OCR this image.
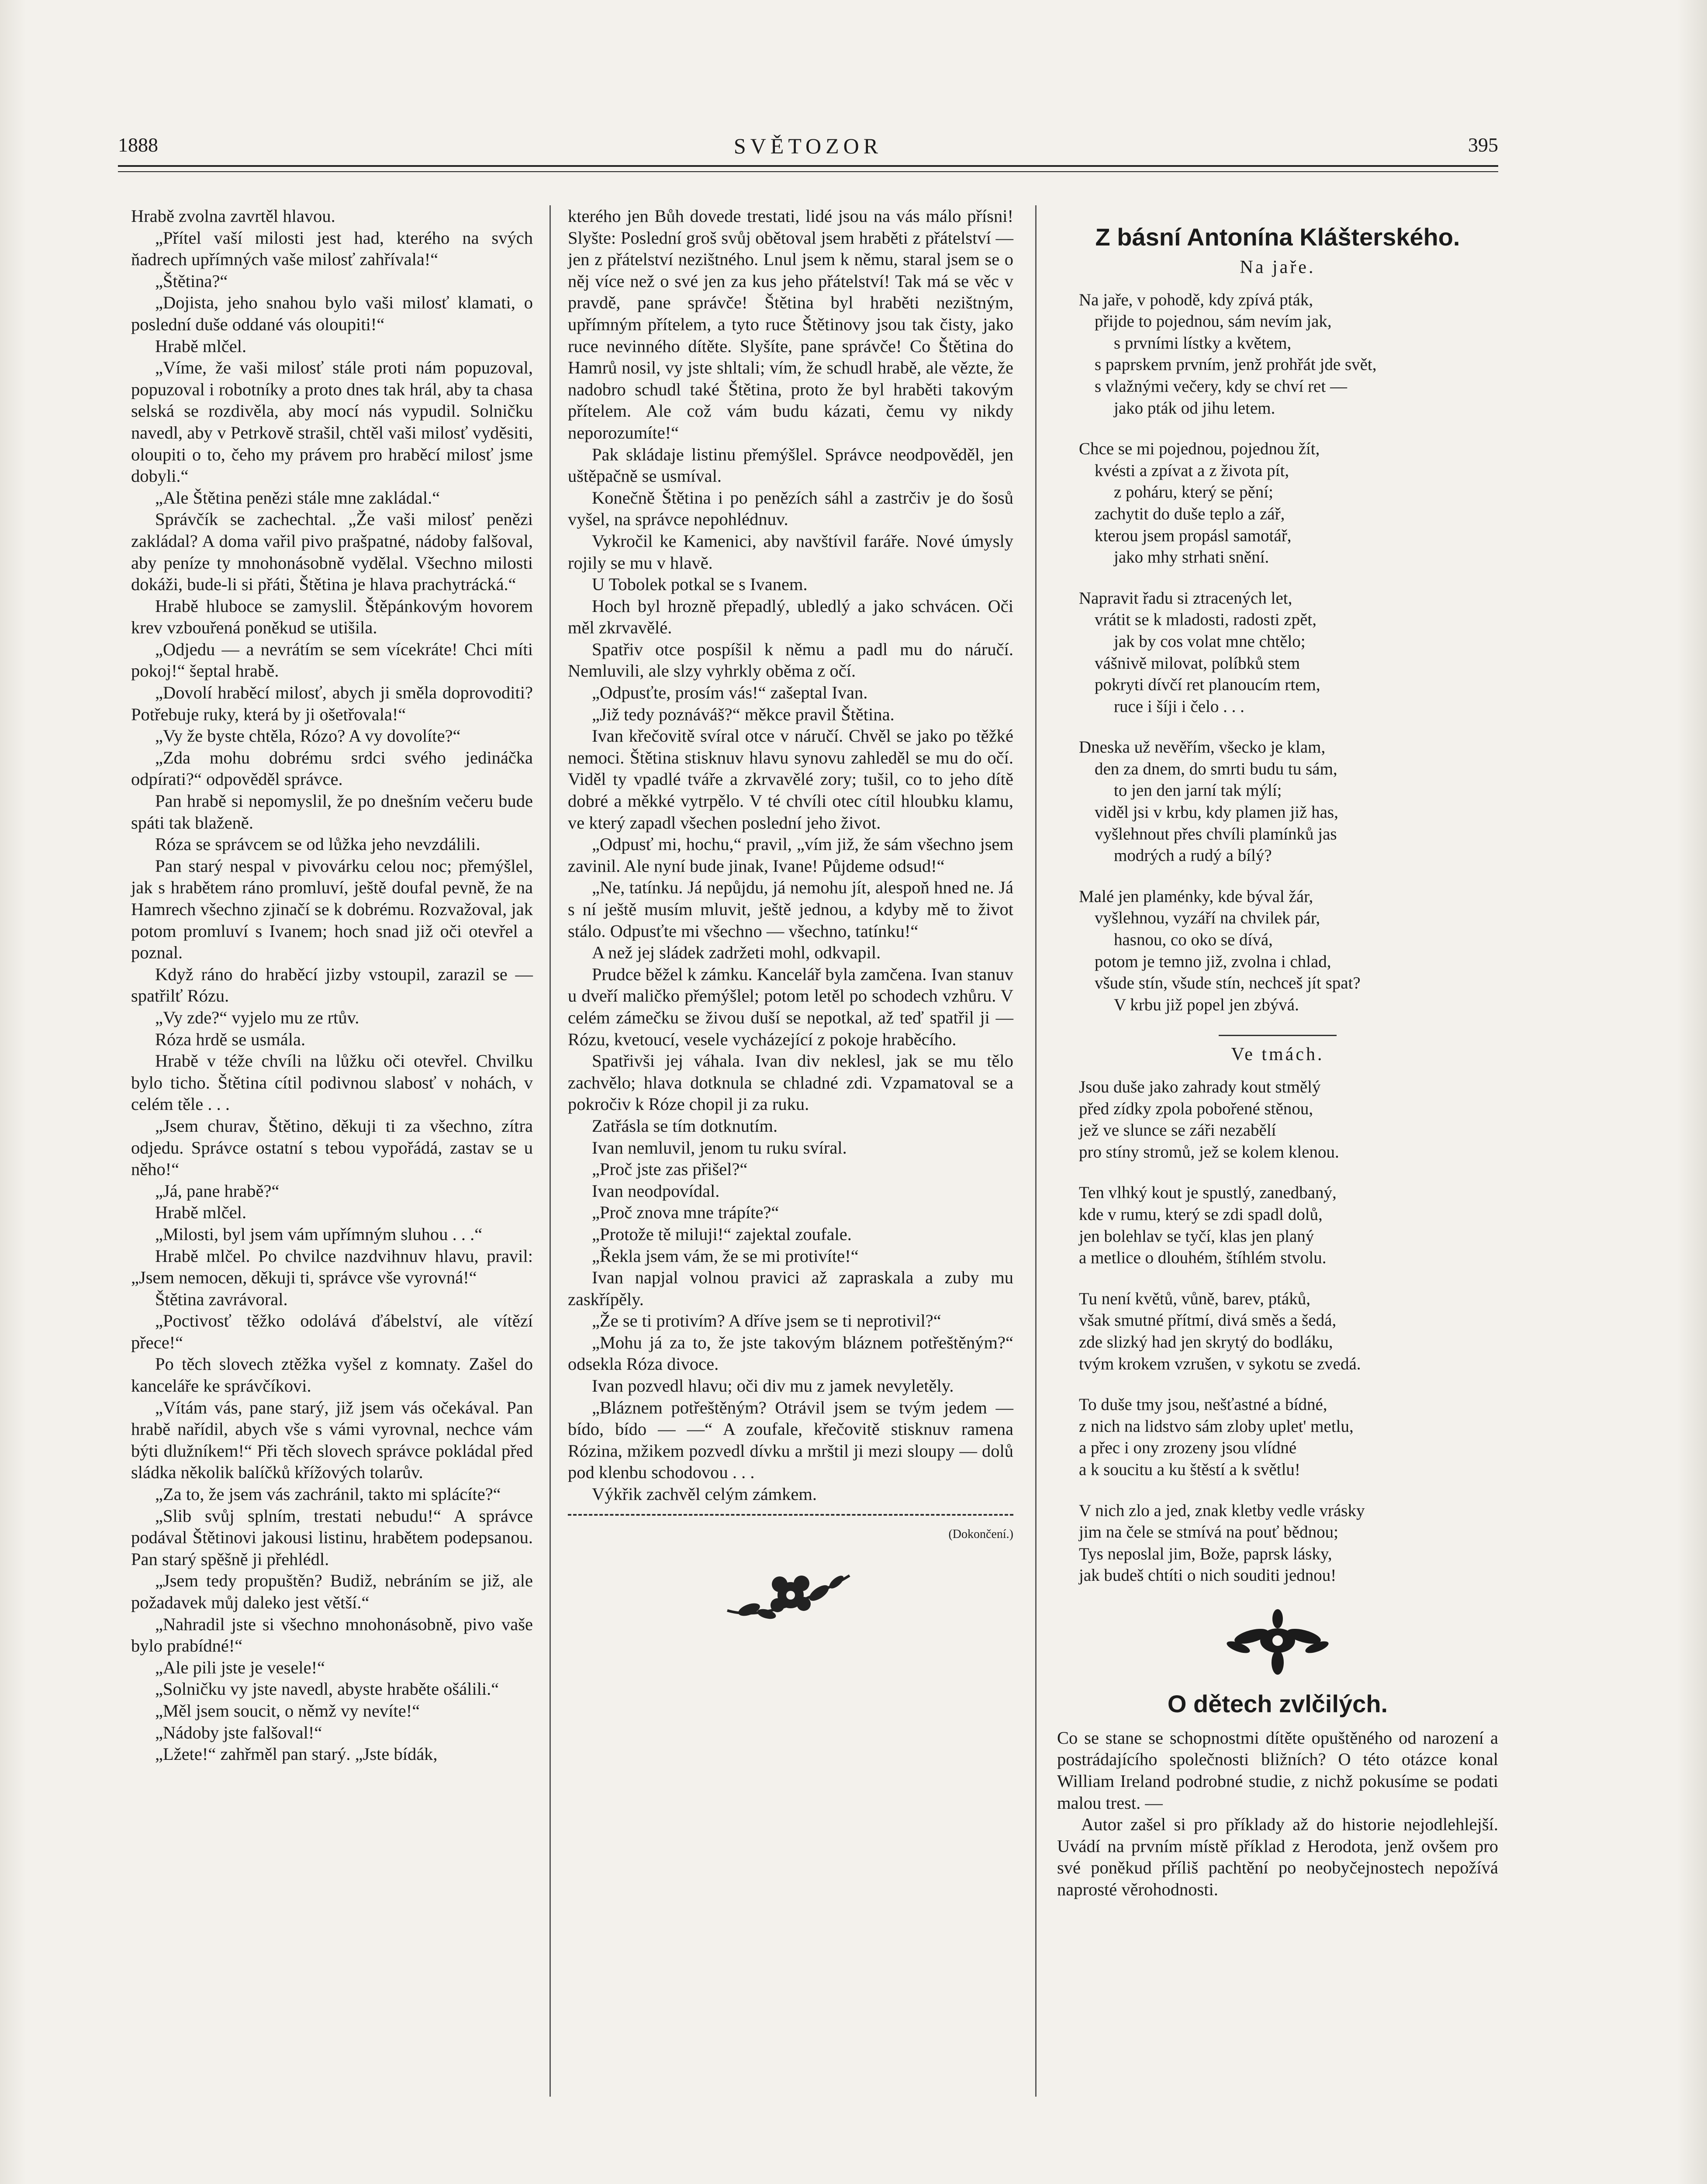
1888	SVĚTOZOR	395

Hrabě zvolna zavrtěl hlavou.

„Přítel vaší milosti jest had, kterého na svých ňadrech upřímných vaše milosť zahřívala!“

„Štětina?“

„Dojista, jeho snahou bylo vaši milosť klamati, o poslední duše oddané vás oloupiti!“

Hrabě mlčel.

„Víme, že vaši milosť stále proti nám popuzoval, popuzoval i robotníky a proto dnes tak hrál, aby ta chasa selská se rozdivěla, aby mocí nás vypudil. Solničku navedl, aby v Petrkově strašil, chtěl vaši milosť vyděsiti, oloupiti o to, čeho my právem pro hraběcí milosť jsme dobyli.“

„Ale Štětina penězi stále mne zakládal.“

Správčík se zachechtal. „Že vaši milosť penězi zakládal? A doma vařil pivo prašpatné, nádoby falšoval, aby peníze ty mnohonásobně vydělal. Všechno milosti dokáži, bude-li si přáti, Štětina je hlava prachytrácká.“

Hrabě hluboce se zamyslil. Štěpánkovým hovorem krev vzbouřená poněkud se utišila.

„Odjedu — a nevrátím se sem vícekráte! Chci míti pokoj!“ šeptal hrabě.

„Dovolí hraběcí milosť, abych ji směla doprovoditi? Potřebuje ruky, která by ji ošetřovala!“

„Vy že byste chtěla, Rózo? A vy dovolíte?“

„Zda mohu dobrému srdci svého jedináčka odpírati?“ odpověděl správce.

Pan hrabě si nepomyslil, že po dnešním večeru bude spáti tak blaženě.

Róza se správcem se od lůžka jeho nevzdálili.

Pan starý nespal v pivovárku celou noc; přemýšlel, jak s hrabětem ráno promluví, ještě doufal pevně, že na Hamrech všechno zjinačí se k dobrému. Rozvažoval, jak potom promluví s Ivanem; hoch snad již oči otevřel a poznal.

Když ráno do hraběcí jizby vstoupil, zarazil se — spatřilť Rózu.

„Vy zde?“ vyjelo mu ze rtův.

Róza hrdě se usmála.

Hrabě v téže chvíli na lůžku oči otevřel. Chvilku bylo ticho. Štětina cítil podivnou slabosť v nohách, v celém těle . . .

„Jsem churav, Štětino, děkuji ti za všechno, zítra odjedu. Správce ostatní s tebou vypořádá, zastav se u něho!“

„Já, pane hrabě?“

Hrabě mlčel.

„Milosti, byl jsem vám upřímným sluhou . . .“

Hrabě mlčel. Po chvilce nazdvihnuv hlavu, pravil: „Jsem nemocen, děkuji ti, správce vše vyrovná!“

Štětina zavrávoral.

„Poctivosť těžko odolává ďábelství, ale vítězí přece!“

Po těch slovech ztěžka vyšel z komnaty. Zašel do kanceláře ke správčíkovi.

„Vítám vás, pane starý, již jsem vás očekával. Pan hrabě nařídil, abych vše s vámi vyrovnal, nechce vám býti dlužníkem!“ Při těch slovech správce pokládal před sládka několik balíčků křížových tolarův.

„Za to, že jsem vás zachránil, takto mi splácíte?“

„Slib svůj splním, trestati nebudu!“ A správce podával Štětinovi jakousi listinu, hrabětem podepsanou. Pan starý spěšně ji přehlédl.

„Jsem tedy propuštěn? Budiž, nebráním se již, ale požadavek můj daleko jest větší.“

„Nahradil jste si všechno mnohonásobně, pivo vaše bylo prabídné!“

„Ale pili jste je vesele!“

„Solničku vy jste navedl, abyste hraběte ošálili.“

„Měl jsem soucit, o němž vy nevíte!“

„Nádoby jste falšoval!“

„Lžete!“ zahřměl pan starý. „Jste bídák,

kterého jen Bůh dovede trestati, lidé jsou na vás málo přísni! Slyšte: Poslední groš svůj obětoval jsem hraběti z přátelství — jen z přátelství nezištného. Lnul jsem k němu, staral jsem se o něj více než o své jen za kus jeho přátelství! Tak má se věc v pravdě, pane správče! Štětina byl hraběti nezištným, upřímným přítelem, a tyto ruce Štětinovy jsou tak čisty, jako ruce nevinného dítěte. Slyšíte, pane správče! Co Štětina do Hamrů nosil, vy jste shltali; vím, že schudl hrabě, ale vězte, že nadobro schudl také Štětina, proto že byl hraběti takovým přítelem. Ale což vám budu kázati, čemu vy nikdy neporozumíte!“

Pak skládaje listinu přemýšlel. Správce neodpověděl, jen uštěpačně se usmíval.

Konečně Štětina i po penězích sáhl a zastrčiv je do šosů vyšel, na správce nepohlédnuv.

Vykročil ke Kamenici, aby navštívil faráře. Nové úmysly rojily se mu v hlavě.

U Tobolek potkal se s Ivanem.

Hoch byl hrozně přepadlý, ubledlý a jako schvácen. Oči měl zkrvavělé.

Spatřiv otce pospíšil k němu a padl mu do náručí. Nemluvili, ale slzy vyhrkly oběma z očí.

„Odpusťte, prosím vás!“ zašeptal Ivan.

„Již tedy poznáváš?“ měkce pravil Štětina.

Ivan křečovitě svíral otce v náručí. Chvěl se jako po těžké nemoci. Štětina stisknuv hlavu synovu zahleděl se mu do očí. Viděl ty vpadlé tváře a zkrvavělé zory; tušil, co to jeho dítě dobré a měkké vytrpělo. V té chvíli otec cítil hloubku klamu, ve který zapadl všechen poslední jeho život.

„Odpusť mi, hochu,“ pravil, „vím již, že sám všechno jsem zavinil. Ale nyní bude jinak, Ivane! Půjdeme odsud!“

„Ne, tatínku. Já nepůjdu, já nemohu jít, alespoň hned ne. Já s ní ještě musím mluvit, ještě jednou, a kdyby mě to život stálo. Odpusťte mi všechno — všechno, tatínku!“

A než jej sládek zadržeti mohl, odkvapil.

Prudce běžel k zámku. Kancelář byla zamčena. Ivan stanuv u dveří maličko přemýšlel; potom letěl po schodech vzhůru. V celém zámečku se živou duší se nepotkal, až teď spatřil ji — Rózu, kvetoucí, vesele vycházející z pokoje hraběcího.

Spatřivši jej váhala. Ivan div neklesl, jak se mu tělo zachvělo; hlava dotknula se chladné zdi. Vzpamatoval se a pokročiv k Róze chopil ji za ruku.

Zatřásla se tím dotknutím.

Ivan nemluvil, jenom tu ruku svíral.

„Proč jste zas přišel?“

Ivan neodpovídal.

„Proč znova mne trápíte?“

„Protože tě miluji!“ zajektal zoufale.

„Řekla jsem vám, že se mi protivíte!“

Ivan napjal volnou pravici až zapraskala a zuby mu zaskřípěly.

„Že se ti protivím? A dříve jsem se ti neprotivil?“

„Mohu já za to, že jste takovým bláznem potřeštěným?“ odsekla Róza divoce.

Ivan pozvedl hlavu; oči div mu z jamek nevyletěly.

„Bláznem potřeštěným? Otrávil jsem se tvým jedem — bído, bído — —“ A zoufale, křečovitě stisknuv ramena Rózina, mžikem pozvedl dívku a mrštil ji mezi sloupy — dolů pod klenbu schodovou . . .

Výkřik zachvěl celým zámkem.

(Dokončení.)
Z básní Antonína Klášterského.
Na jaře.
Na jaře, v pohodě, kdy zpívá pták,
přijde to pojednou, sám nevím jak,
s prvními lístky a květem,
s paprskem prvním, jenž prohřát jde svět,
s vlažnými večery, kdy se chví ret —
jako pták od jihu letem.
Chce se mi pojednou, pojednou žít,
kvésti a zpívat a z života pít,
z poháru, který se pění;
zachytit do duše teplo a zář,
kterou jsem propásl samotář,
jako mhy strhati snění.
Napravit řadu si ztracených let,
vrátit se k mladosti, radosti zpět,
jak by cos volat mne chtělo;
vášnivě milovat, políbků stem
pokryti dívčí ret planoucím rtem,
ruce i šíji i čelo . . .
Dneska už nevěřím, všecko je klam,
den za dnem, do smrti budu tu sám,
to jen den jarní tak mýlí;
viděl jsi v krbu, kdy plamen již has,
vyšlehnout přes chvíli plamínků jas
modrých a rudý a bílý?
Malé jen plaménky, kde býval žár,
vyšlehnou, vyzáří na chvilek pár,
hasnou, co oko se dívá,
potom je temno již, zvolna i chlad,
všude stín, všude stín, nechceš jít spat?
V krbu již popel jen zbývá.
Ve tmách.
Jsou duše jako zahrady kout stmělý
před zídky zpola pobořené stěnou,
jež ve slunce se záři nezabělí
pro stíny stromů, jež se kolem klenou.
Ten vlhký kout je spustlý, zanedbaný,
kde v rumu, který se zdi spadl dolů,
jen bolehlav se tyčí, klas jen planý
a metlice o dlouhém, štíhlém stvolu.
Tu není květů, vůně, barev, ptáků,
však smutné přítmí, divá směs a šedá,
zde slizký had jen skrytý do bodláku,
tvým krokem vzrušen, v sykotu se zvedá.
To duše tmy jsou, nešťastné a bídné,
z nich na lidstvo sám zloby uplet' metlu,
a přec i ony zrozeny jsou vlídné
a k soucitu a ku štěstí a k světlu!
V nich zlo a jed, znak kletby vedle vrásky
jim na čele se stmívá na pouť bědnou;
Tys neposlal jim, Bože, paprsk lásky,
jak budeš chtíti o nich souditi jednou!
O dětech zvlčilých.

Co se stane se schopnostmi dítěte opuštěného od narození a postrádajícího společnosti bližních? O této otázce konal William Ireland podrobné studie, z nichž pokusíme se podati malou trest. —

Autor zašel si pro příklady až do historie nejodlehlejší. Uvádí na prvním místě příklad z Herodota, jenž ovšem pro své poněkud příliš pachtění po neobyčejnostech nepožívá naprosté věrohodnosti.
